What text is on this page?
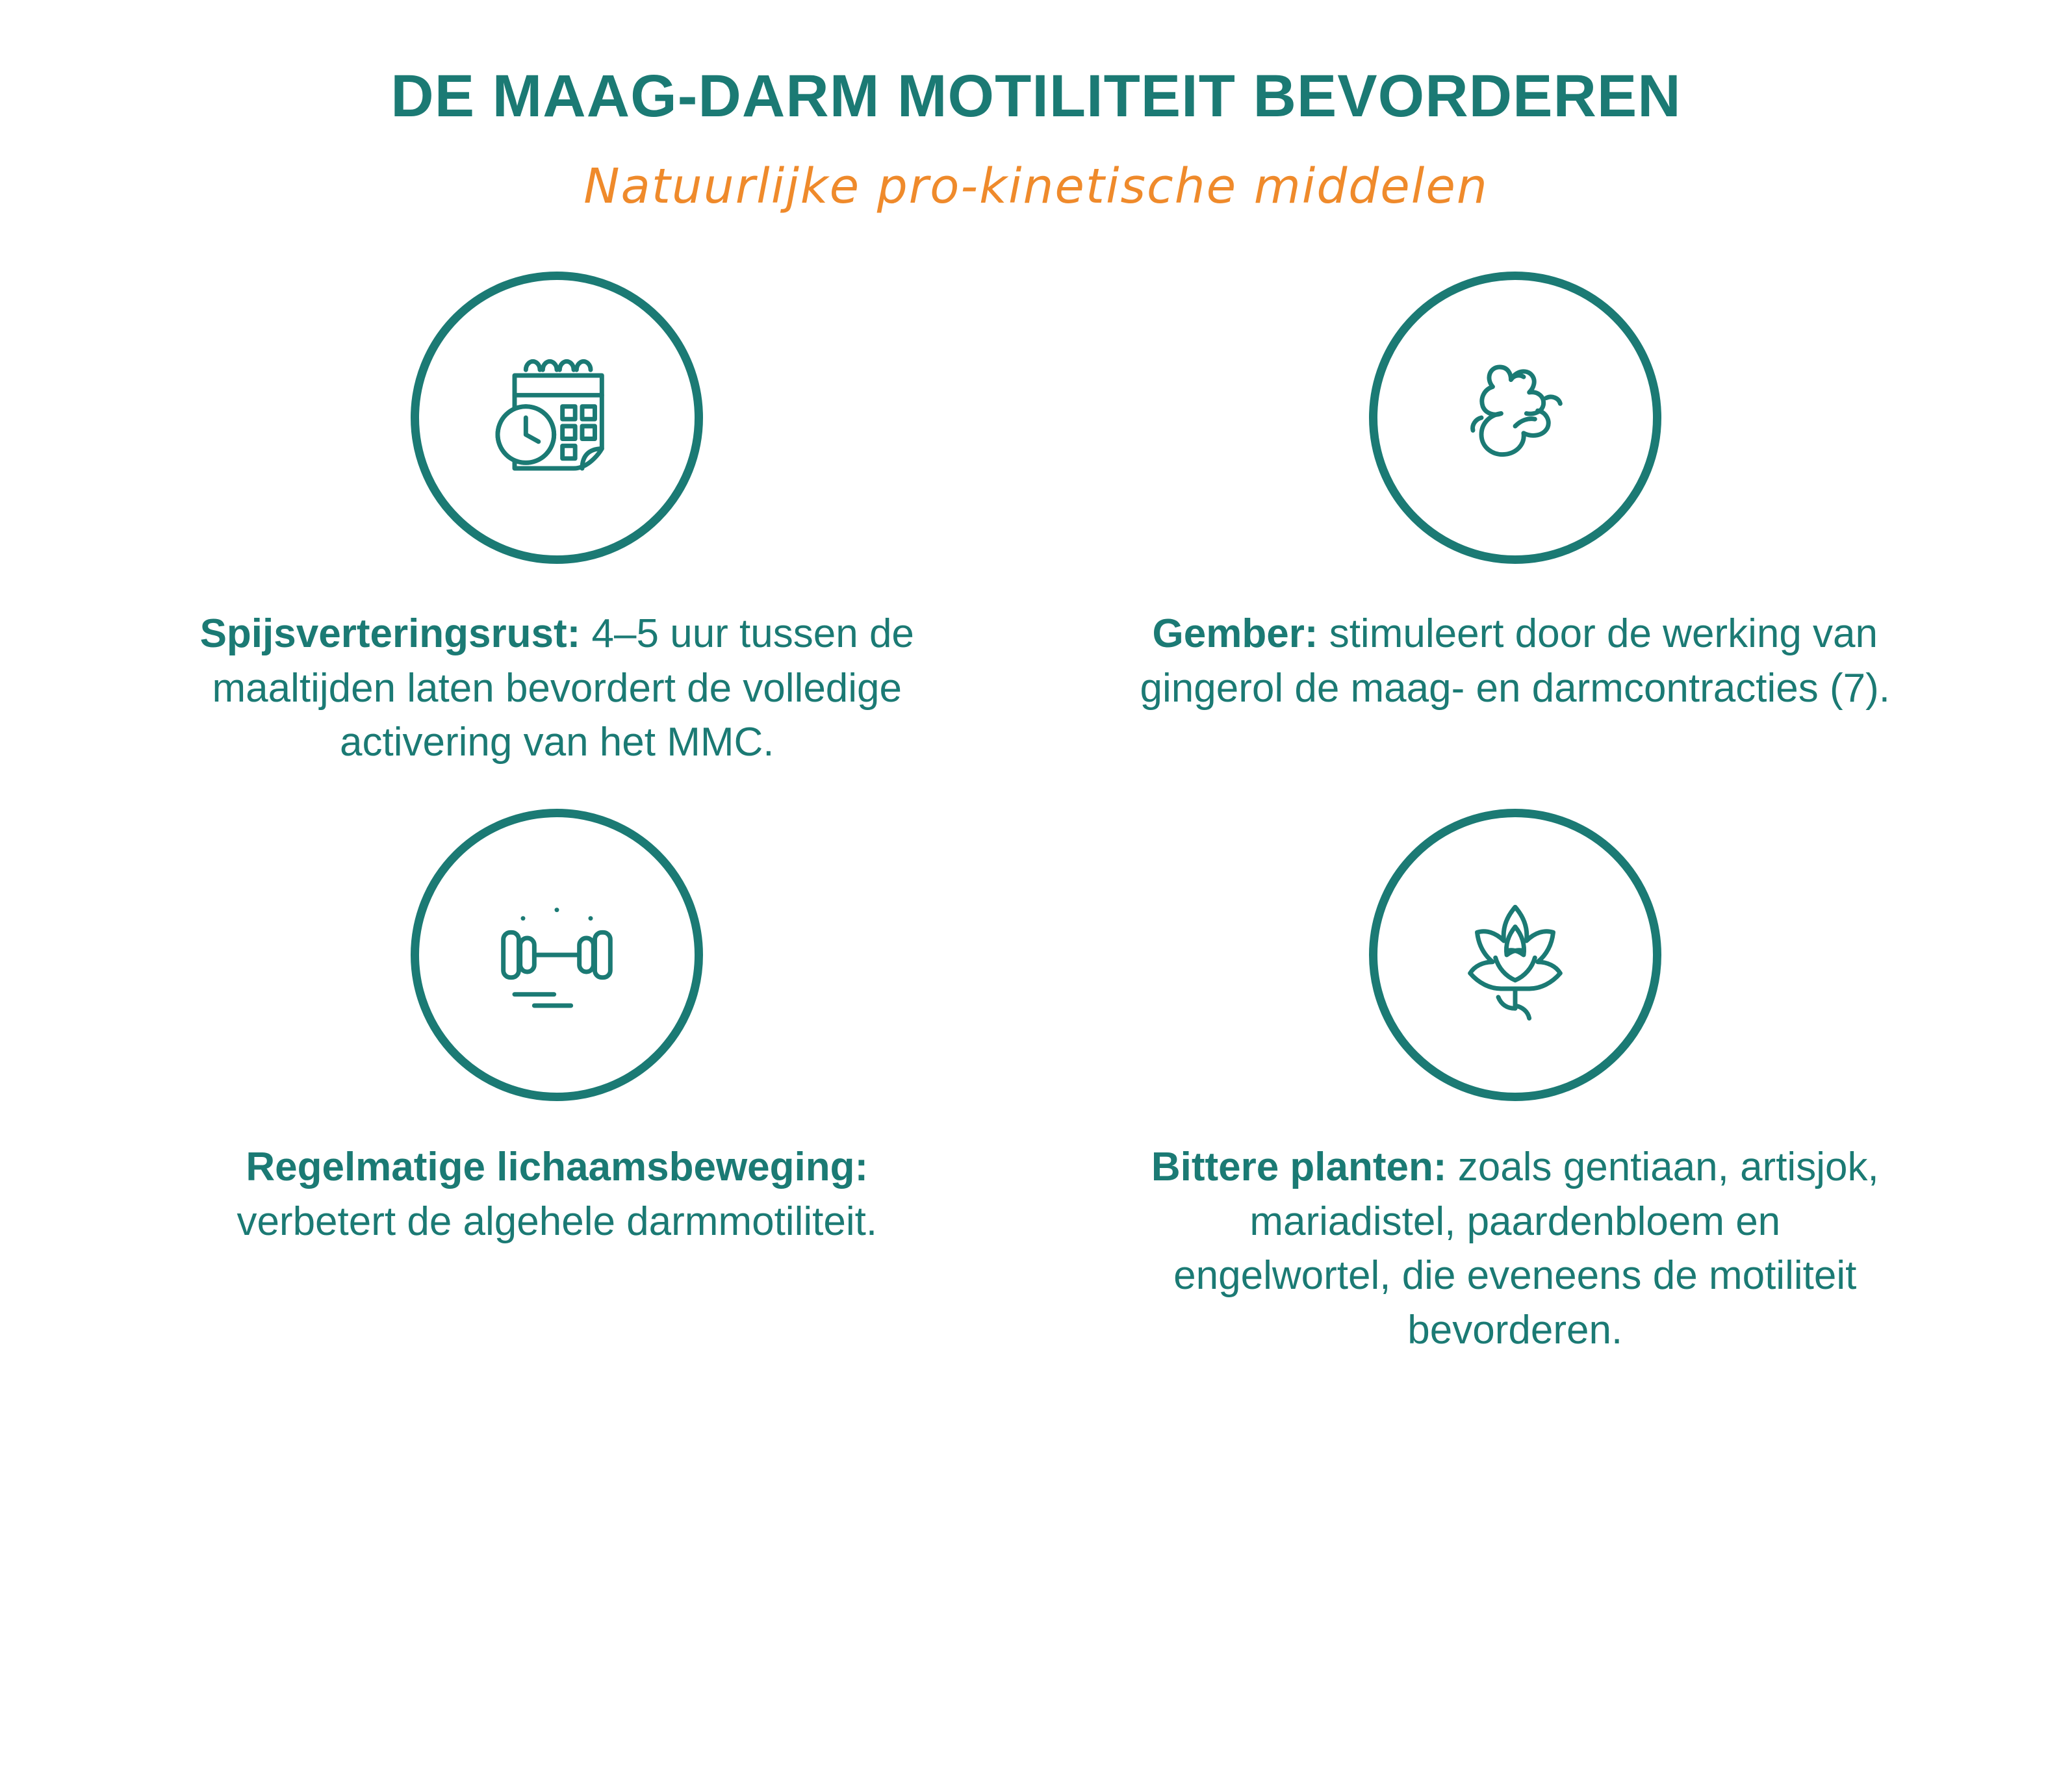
DE MAAG-DARM MOTILITEIT BEVORDEREN
Natuurlijke pro-kinetische middelen
Spijsverteringsrust: 4–5 uur tussen de maaltijden laten bevordert de volledige activering van het MMC.
Gember: stimuleert door de werking van gingerol de maag- en darmcontracties (7).
Regelmatige lichaamsbeweging: verbetert de algehele darmmotiliteit.
Bittere planten: zoals gentiaan, artisjok, mariadistel, paardenbloem en engelwortel, die eveneens de motiliteit bevorderen.
